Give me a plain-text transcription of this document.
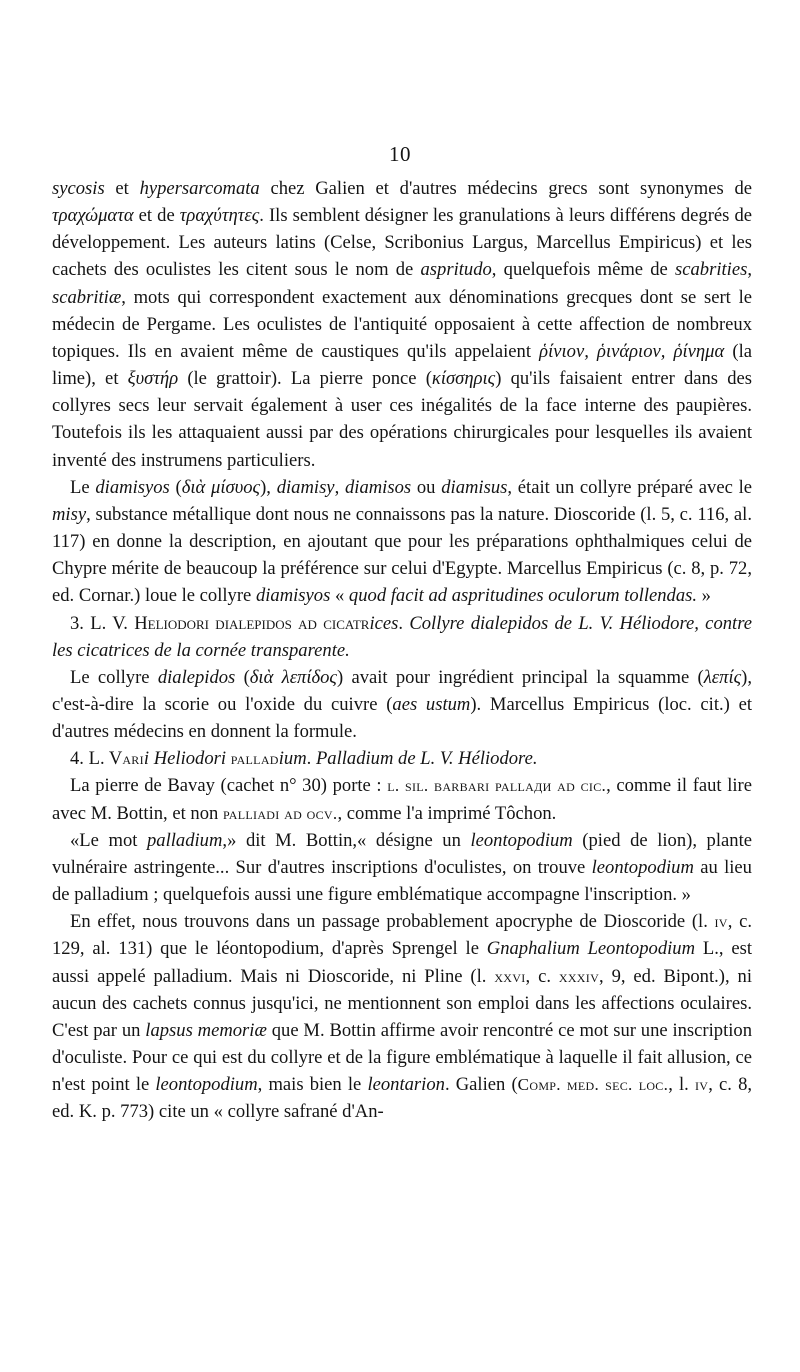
10

sycosis et hypersarcomata chez Galien et d'autres médecins grecs sont synonymes de τραχώματα et de τραχύτητες. Ils semblent désigner les granulations à leurs différens degrés de développement. Les auteurs latins (Celse, Scribonius Largus, Marcellus Empiricus) et les cachets des oculistes les citent sous le nom de aspritudo, quelquefois même de scabrities, scabritiæ, mots qui correspondent exactement aux dénominations grecques dont se sert le médecin de Pergame. Les oculistes de l'antiquité opposaient à cette affection de nombreux topiques. Ils en avaient même de caustiques qu'ils appelaient ῥίνιον, ῥινάριον, ῥίνημα (la lime), et ξυστήρ (le grattoir). La pierre ponce (κίσσηρις) qu'ils faisaient entrer dans des collyres secs leur servait également à user ces inégalités de la face interne des paupières. Toutefois ils les attaquaient aussi par des opérations chirurgicales pour lesquelles ils avaient inventé des instrumens particuliers.

Le diamisyos (διὰ μίσυος), diamisy, diamisos ou diamisus, était un collyre préparé avec le misy, substance métallique dont nous ne connaissons pas la nature. Dioscoride (l. 5, c. 116, al. 117) en donne la description, en ajoutant que pour les préparations ophthalmiques celui de Chypre mérite de beaucoup la préférence sur celui d'Egypte. Marcellus Empiricus (c. 8, p. 72, ed. Cornar.) loue le collyre diamisyos « quod facit ad aspritudines oculorum tollendas. »

3. L. V. Heliodori dialepidos ad cicatrices. Collyre dialepidos de L. V. Héliodore, contre les cicatrices de la cornée transparente.

Le collyre dialepidos (διὰ λεπίδος) avait pour ingrédient principal la squamme (λεπίς), c'est-à-dire la scorie ou l'oxide du cuivre (aes ustum). Marcellus Empiricus (loc. cit.) et d'autres médecins en donnent la formule.

4. L. Varii Heliodori palladium. Palladium de L. V. Héliodore.

La pierre de Bavay (cachet n° 30) porte : l. sil. barbari pallади ad cic., comme il faut lire avec M. Bottin, et non palliadi ad ocv., comme l'a imprimé Tôchon.

«Le mot palladium,» dit M. Bottin,« désigne un leontopodium (pied de lion), plante vulnéraire astringente... Sur d'autres inscriptions d'oculistes, on trouve leontopodium au lieu de palladium ; quelquefois aussi une figure emblématique accompagne l'inscription. »

En effet, nous trouvons dans un passage probablement apocryphe de Dioscoride (l. iv, c. 129, al. 131) que le léontopodium, d'après Sprengel le Gnaphalium Leontopodium L., est aussi appelé palladium. Mais ni Dioscoride, ni Pline (l. xxvi, c. xxxiv, 9, ed. Bipont.), ni aucun des cachets connus jusqu'ici, ne mentionnent son emploi dans les affections oculaires. C'est par un lapsus memoriæ que M. Bottin affirme avoir rencontré ce mot sur une inscription d'oculiste. Pour ce qui est du collyre et de la figure emblématique à laquelle il fait allusion, ce n'est point le leontopodium, mais bien le leontarion. Galien (Comp. med. sec. loc., l. iv, c. 8, ed. K. p. 773) cite un « collyre safrané d'An-
